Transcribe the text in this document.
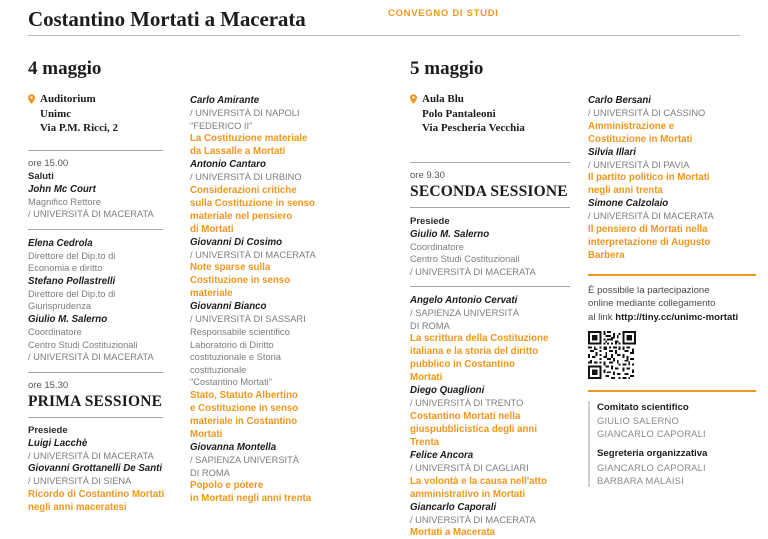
Costantino Mortati a Macerata	CONVEGNO DI STUDI
4 maggio
Auditorium
Unimc
Via P.M. Ricci, 2
ore 15.00
Saluti
John Mc Court
Magnifico Rettore
/ UNIVERSITÀ DI MACERATA
Elena Cedrola
Direttore del Dip.to di
Economia e diritto
Stefano Pollastrelli
Direttore del Dip.to di
Giurisprudenza
Giulio M. Salerno
Coordinatore
Centro Studi Costituzionali
/ UNIVERSITÀ DI MACERATA
ore 15.30
PRIMA SESSIONE
Presiede
Luigi Lacchè
/ UNIVERSITÀ DI MACERATA
Giovanni Grottanelli De Santi
/ UNIVERSITÀ DI SIENA
Ricordo di Costantino Mortati
negli anni maceratesi
Carlo Amirante
/ UNIVERSITÀ DI NAPOLI
"FEDERICO II"
La Costituzione materiale
da Lassalle a Mortati
Antonio Cantaro
/ UNIVERSITÀ DI URBINO
Considerazioni critiche
sulla Costituzione in senso
materiale nel pensiero
di Mortati
Giovanni Di Cosimo
/ UNIVERSITÀ DI MACERATA
Note sparse sulla
Costituzione in senso
materiale
Giovanni Bianco
/ UNIVERSITÀ DI SASSARI
Responsabile scientifico
Laboratorio di Diritto
costituzionale e Storia
costituzionale
"Costantino Mortati"
Stato, Statuto Albertino
e Costituzione in senso
materiale in Costantino
Mortati
Giovanna Montella
/ SAPIENZA UNIVERSITÀ
DI ROMA
Popolo e potere
in Mortati negli anni trenta
5 maggio
Aula Blu
Polo Pantaleoni
Via Pescheria Vecchia
ore 9.30
SECONDA SESSIONE
Presiede
Giulio M. Salerno
Coordinatore
Centro Studi Costituzionali
/ UNIVERSITÀ DI MACERATA
Angelo Antonio Cervati
/ SAPIENZA UNIVERSITÀ
DI ROMA
La scrittura della Costituzione
italiana e la storia del diritto
pubblico in Costantino
Mortati
Diego Quaglioni
/ UNIVERSITÀ DI TRENTO
Costantino Mortati nella
giuspubblicistica degli anni
Trenta
Felice Ancora
/ UNIVERSITÀ DI CAGLIARI
La volontà e la causa nell'atto
amministrativo in Mortati
Giancarlo Caporali
/ UNIVERSITÀ DI MACERATA
Mortati a Macerata
Carlo Bersani
/ UNIVERSITÀ DI CASSINO
Amministrazione e
Costituzione in Mortati
Silvia Illari
/ UNIVERSITÀ DI PAVIA
Il partito politico in Mortati
negli anni trenta
Simone Calzolaio
/ UNIVERSITÀ DI MACERATA
Il pensiero di Mortati nella
interpretazione di Augusto
Barbera
È possibile la partecipazione
online mediante collegamento
al link http://tiny.cc/unimc-mortati
Comitato scientifico
GIULIO SALERNO
GIANCARLO CAPORALI
Segreteria organizzativa
GIANCARLO CAPORALI
BARBARA MALAISI
